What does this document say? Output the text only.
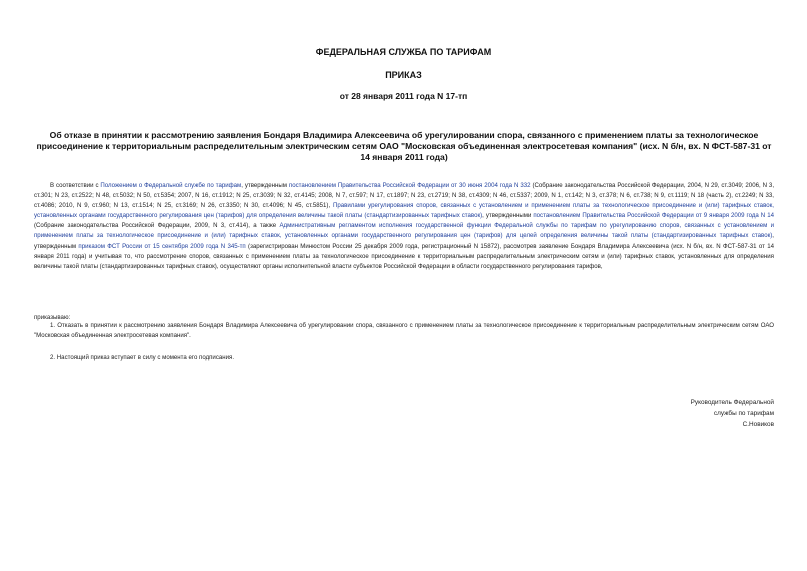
ФЕДЕРАЛЬНАЯ СЛУЖБА ПО ТАРИФАМ
ПРИКАЗ
от 28 января 2011 года N 17-тп
Об отказе в принятии к рассмотрению заявления Бондаря Владимира Алексеевича об урегулировании спора, связанного с применением платы за технологическое присоединение к территориальным распределительным электрическим сетям ОАО "Московская объединенная электросетевая компания" (исх. N б/н, вх. N ФСТ-587-31 от 14 января 2011 года)
В соответствии с Положением о Федеральной службе по тарифам, утвержденным постановлением Правительства Российской Федерации от 30 июня 2004 года N 332 (Собрание законодательства Российской Федерации, 2004, N 29, ст.3049; 2006, N 3, ст.301; N 23, ст.2522; N 48, ст.5032; N 50, ст.5354; 2007, N 16, ст.1912; N 25, ст.3039; N 32, ст.4145; 2008, N 7, ст.597; N 17, ст.1897; N 23, ст.2719; N 38, ст.4309; N 46, ст.5337; 2009, N 1, ст.142; N 3, ст.378; N 6, ст.738; N 9, ст.1119; N 18 (часть 2), ст.2249; N 33, ст.4086; 2010, N 9, ст.960; N 13, ст.1514; N 25, ст.3169; N 26, ст.3350; N 30, ст.4096; N 45, ст.5851), Правилами урегулирования споров, связанных с установлением и применением платы за технологическое присоединение и (или) тарифных ставок, установленных органами государственного регулирования цен (тарифов) для определения величины такой платы (стандартизированных тарифных ставок), утвержденными постановлением Правительства Российской Федерации от 9 января 2009 года N 14 (Собрание законодательства Российской Федерации, 2009, N 3, ст.414), а также Административным регламентом исполнения государственной функции Федеральной службы по тарифам по урегулированию споров, связанных с установлением и применением платы за технологическое присоединение и (или) тарифных ставок, установленных органами государственного регулирования цен (тарифов) для целей определения величины такой платы (стандартизированных тарифных ставок), утвержденным приказом ФСТ России от 15 сентября 2009 года N 345-тп (зарегистрирован Минюстом России 25 декабря 2009 года, регистрационный N 15872), рассмотрев заявление Бондаря Владимира Алексеевича (исх. N б/н, вх. N ФСТ-587-31 от 14 января 2011 года) и учитывая то, что рассмотрение споров, связанных с применением платы за технологическое присоединение к территориальным распределительным электрическим сетям и (или) тарифных ставок, установленных для определения величины такой платы (стандартизированных тарифных ставок), осуществляют органы исполнительной власти субъектов Российской Федерации в области государственного регулирования тарифов,
приказываю:
1. Отказать в принятии к рассмотрению заявления Бондаря Владимира Алексеевича об урегулировании спора, связанного с применением платы за технологическое присоединение к территориальным распределительным электрическим сетям ОАО "Московская объединенная электросетевая компания".
2. Настоящий приказ вступает в силу с момента его подписания.
Руководитель Федеральной
службы по тарифам
С.Новиков
